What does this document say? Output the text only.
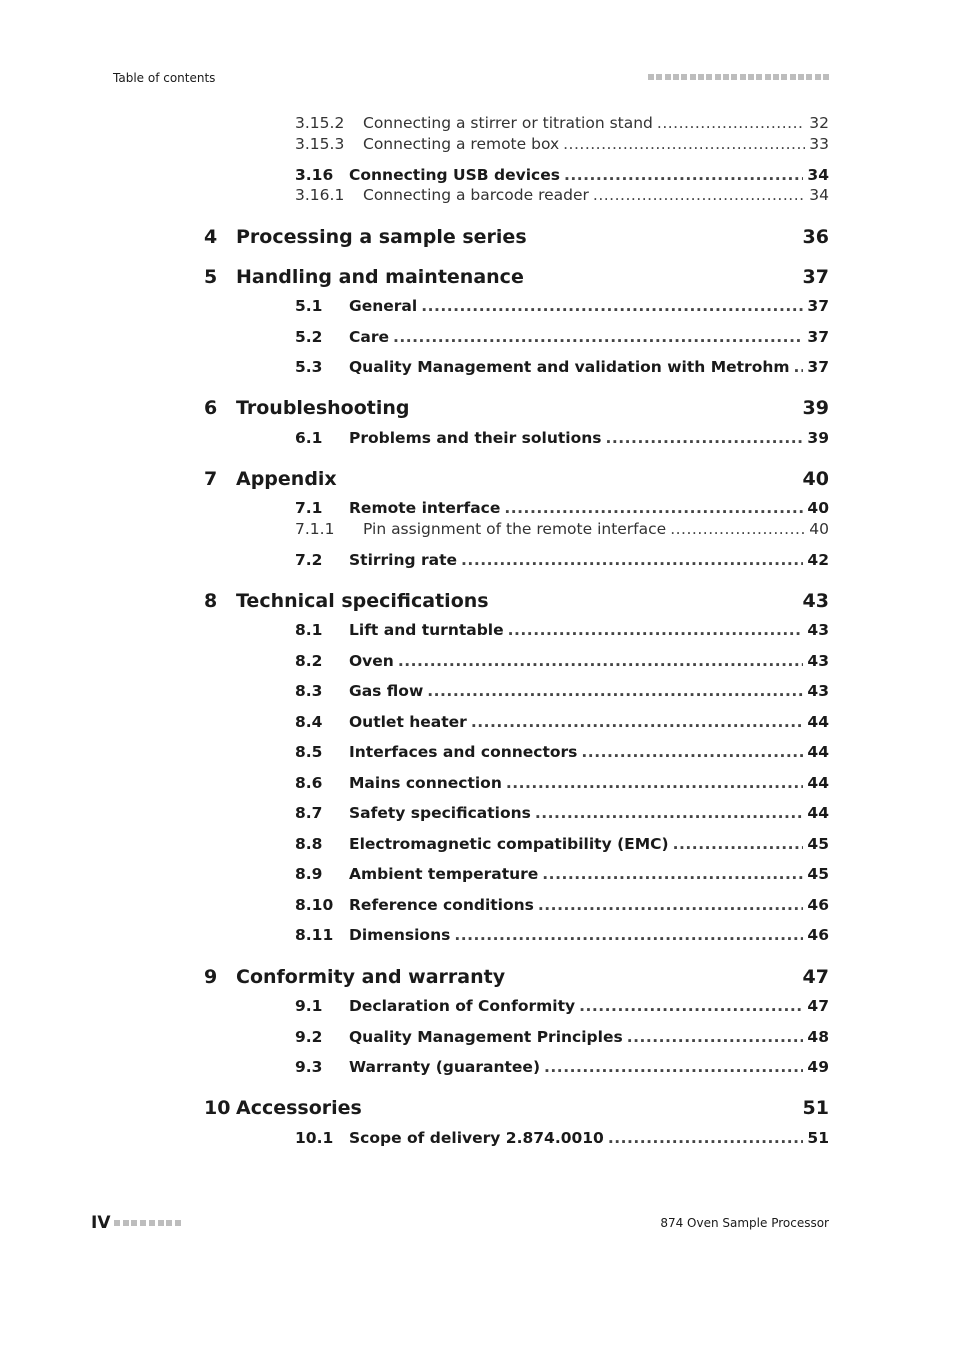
Table of contents
3.15.2	Connecting a stirrer or titration stand .....	32
3.15.3	Connecting a remote box .....	33
3.16	Connecting USB devices .....	34
3.16.1	Connecting a barcode reader .....	34
4 Processing a sample series	36
5 Handling and maintenance	37
5.1	General .....	37
5.2	Care .....	37
5.3	Quality Management and validation with Metrohm ..... 37
6 Troubleshooting	39
6.1	Problems and their solutions .....	39
7 Appendix	40
7.1	Remote interface .....	40
7.1.1	Pin assignment of the remote interface .....	40
7.2	Stirring rate .....	42
8 Technical specifications	43
8.1	Lift and turntable .....	43
8.2	Oven .....	43
8.3	Gas flow .....	43
8.4	Outlet heater .....	44
8.5	Interfaces and connectors .....	44
8.6	Mains connection .....	44
8.7	Safety specifications .....	44
8.8	Electromagnetic compatibility (EMC) .....	45
8.9	Ambient temperature .....	45
8.10	Reference conditions .....	46
8.11	Dimensions .....	46
9 Conformity and warranty	47
9.1	Declaration of Conformity .....	47
9.2	Quality Management Principles .....	48
9.3	Warranty (guarantee) .....	49
10 Accessories	51
10.1	Scope of delivery 2.874.0010 .....	51
IV	874 Oven Sample Processor
